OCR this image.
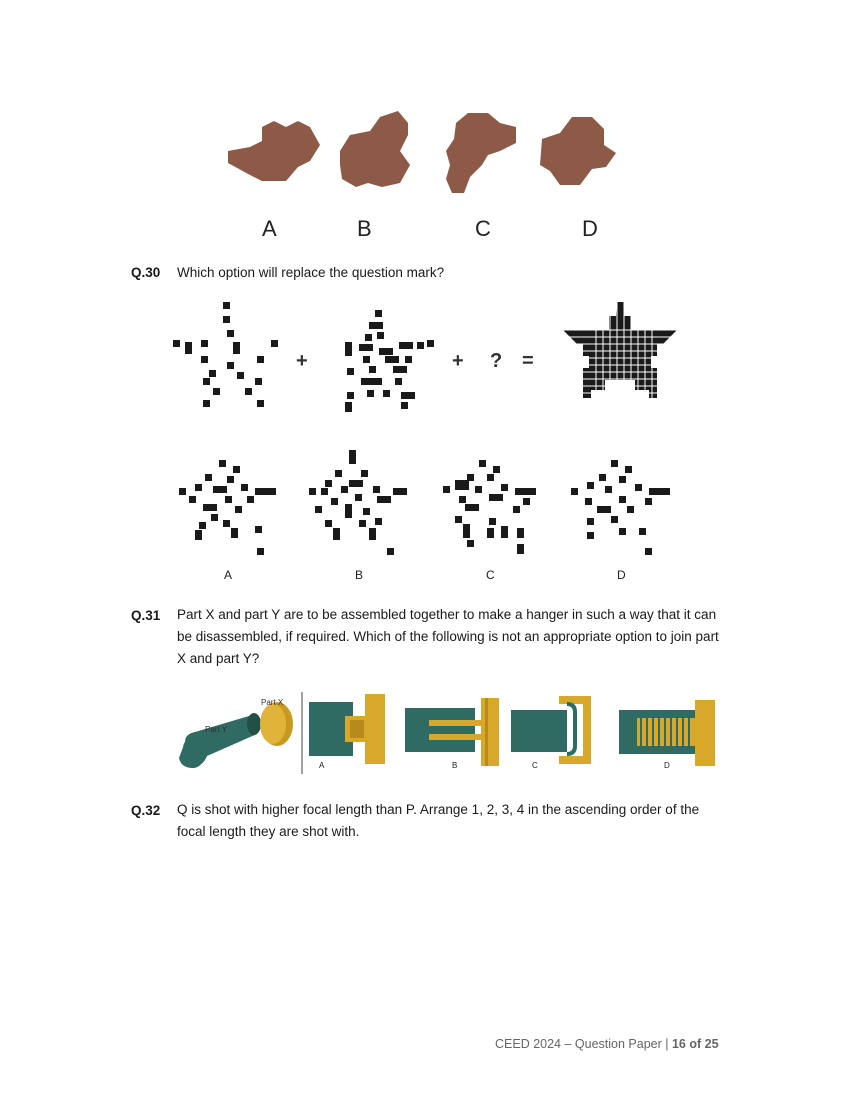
A	B	C	D
Q.30 Which option will replace the question mark?
+	+ ? =
A	B	C	D
Q.31 Part X and part Y are to be assembled together to make a hanger in such a way that it can be disassembled, if required. Which of the following is not an appropriate option to join part X and part Y?
Part X
Part Y
A	B	C	D
Q.32 Q is shot with higher focal length than P. Arrange 1, 2, 3, 4 in the ascending order of the focal length they are shot with.
CEED 2024 – Question Paper | 16 of 25
